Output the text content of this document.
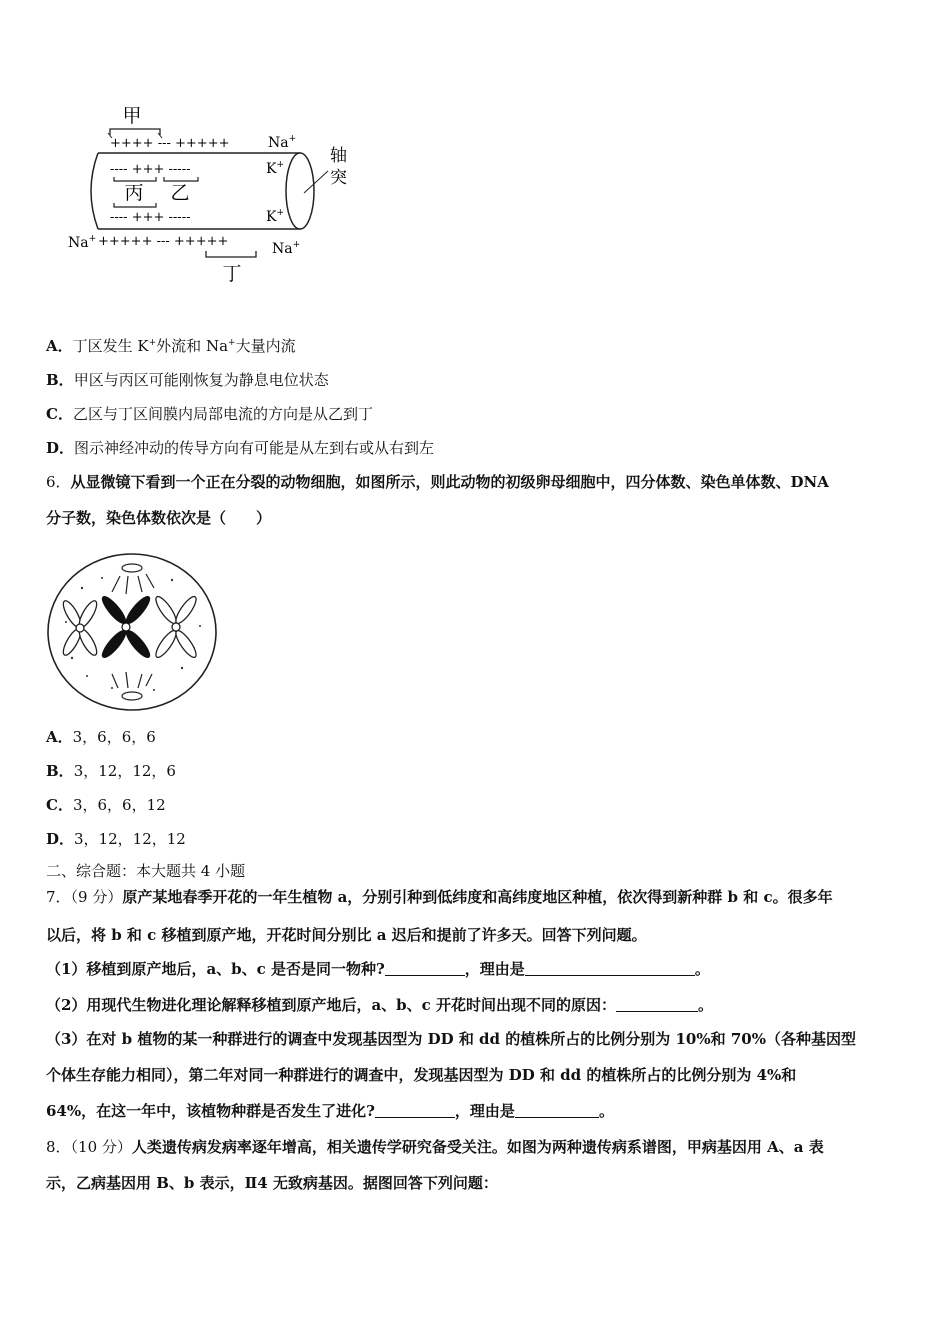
甲
++++ --- +++++	Na+
---- +++ -----	K+
丙 乙
---- +++ -----	K+
Na+ +++++ --- +++++	Na+
丁
轴
突
A．丁区发生 K+外流和 Na+大量内流
B．甲区与丙区可能刚恢复为静息电位状态
C．乙区与丁区间膜内局部电流的方向是从乙到丁
D．图示神经冲动的传导方向有可能是从左到右或从右到左
6．从显微镜下看到一个正在分裂的动物细胞，如图所示，则此动物的初级卵母细胞中，四分体数、染色单体数、DNA
分子数，染色体数依次是（　　）
A．3，6，6，6
B．3，12，12，6
C．3，6，6，12
D．3，12，12，12
二、综合题：本大题共 4 小题
7．（9 分）原产某地春季开花的一年生植物 a，分别引种到低纬度和高纬度地区种植，依次得到新种群 b 和 c。很多年
以后，将 b 和 c 移植到原产地，开花时间分别比 a 迟后和提前了许多天。回答下列问题。
（1）移植到原产地后，a、b、c 是否是同一物种?	，理由是	。
（2）用现代生物进化理论解释移植到原产地后，a、b、c 开花时间出现不同的原因：	。
（3）在对 b 植物的某一种群进行的调查中发现基因型为 DD 和 dd 的植株所占的比例分别为 10%和 70%（各种基因型
个体生存能力相同），第二年对同一种群进行的调查中，发现基因型为 DD 和 dd 的植株所占的比例分别为 4%和
64%，在这一年中，该植物种群是否发生了进化?	，理由是	。
8．（10 分）人类遗传病发病率逐年增高，相关遗传学研究备受关注。如图为两种遗传病系谱图，甲病基因用 A、a 表
示，乙病基因用 B、b 表示，Ⅱ4 无致病基因。据图回答下列问题：
